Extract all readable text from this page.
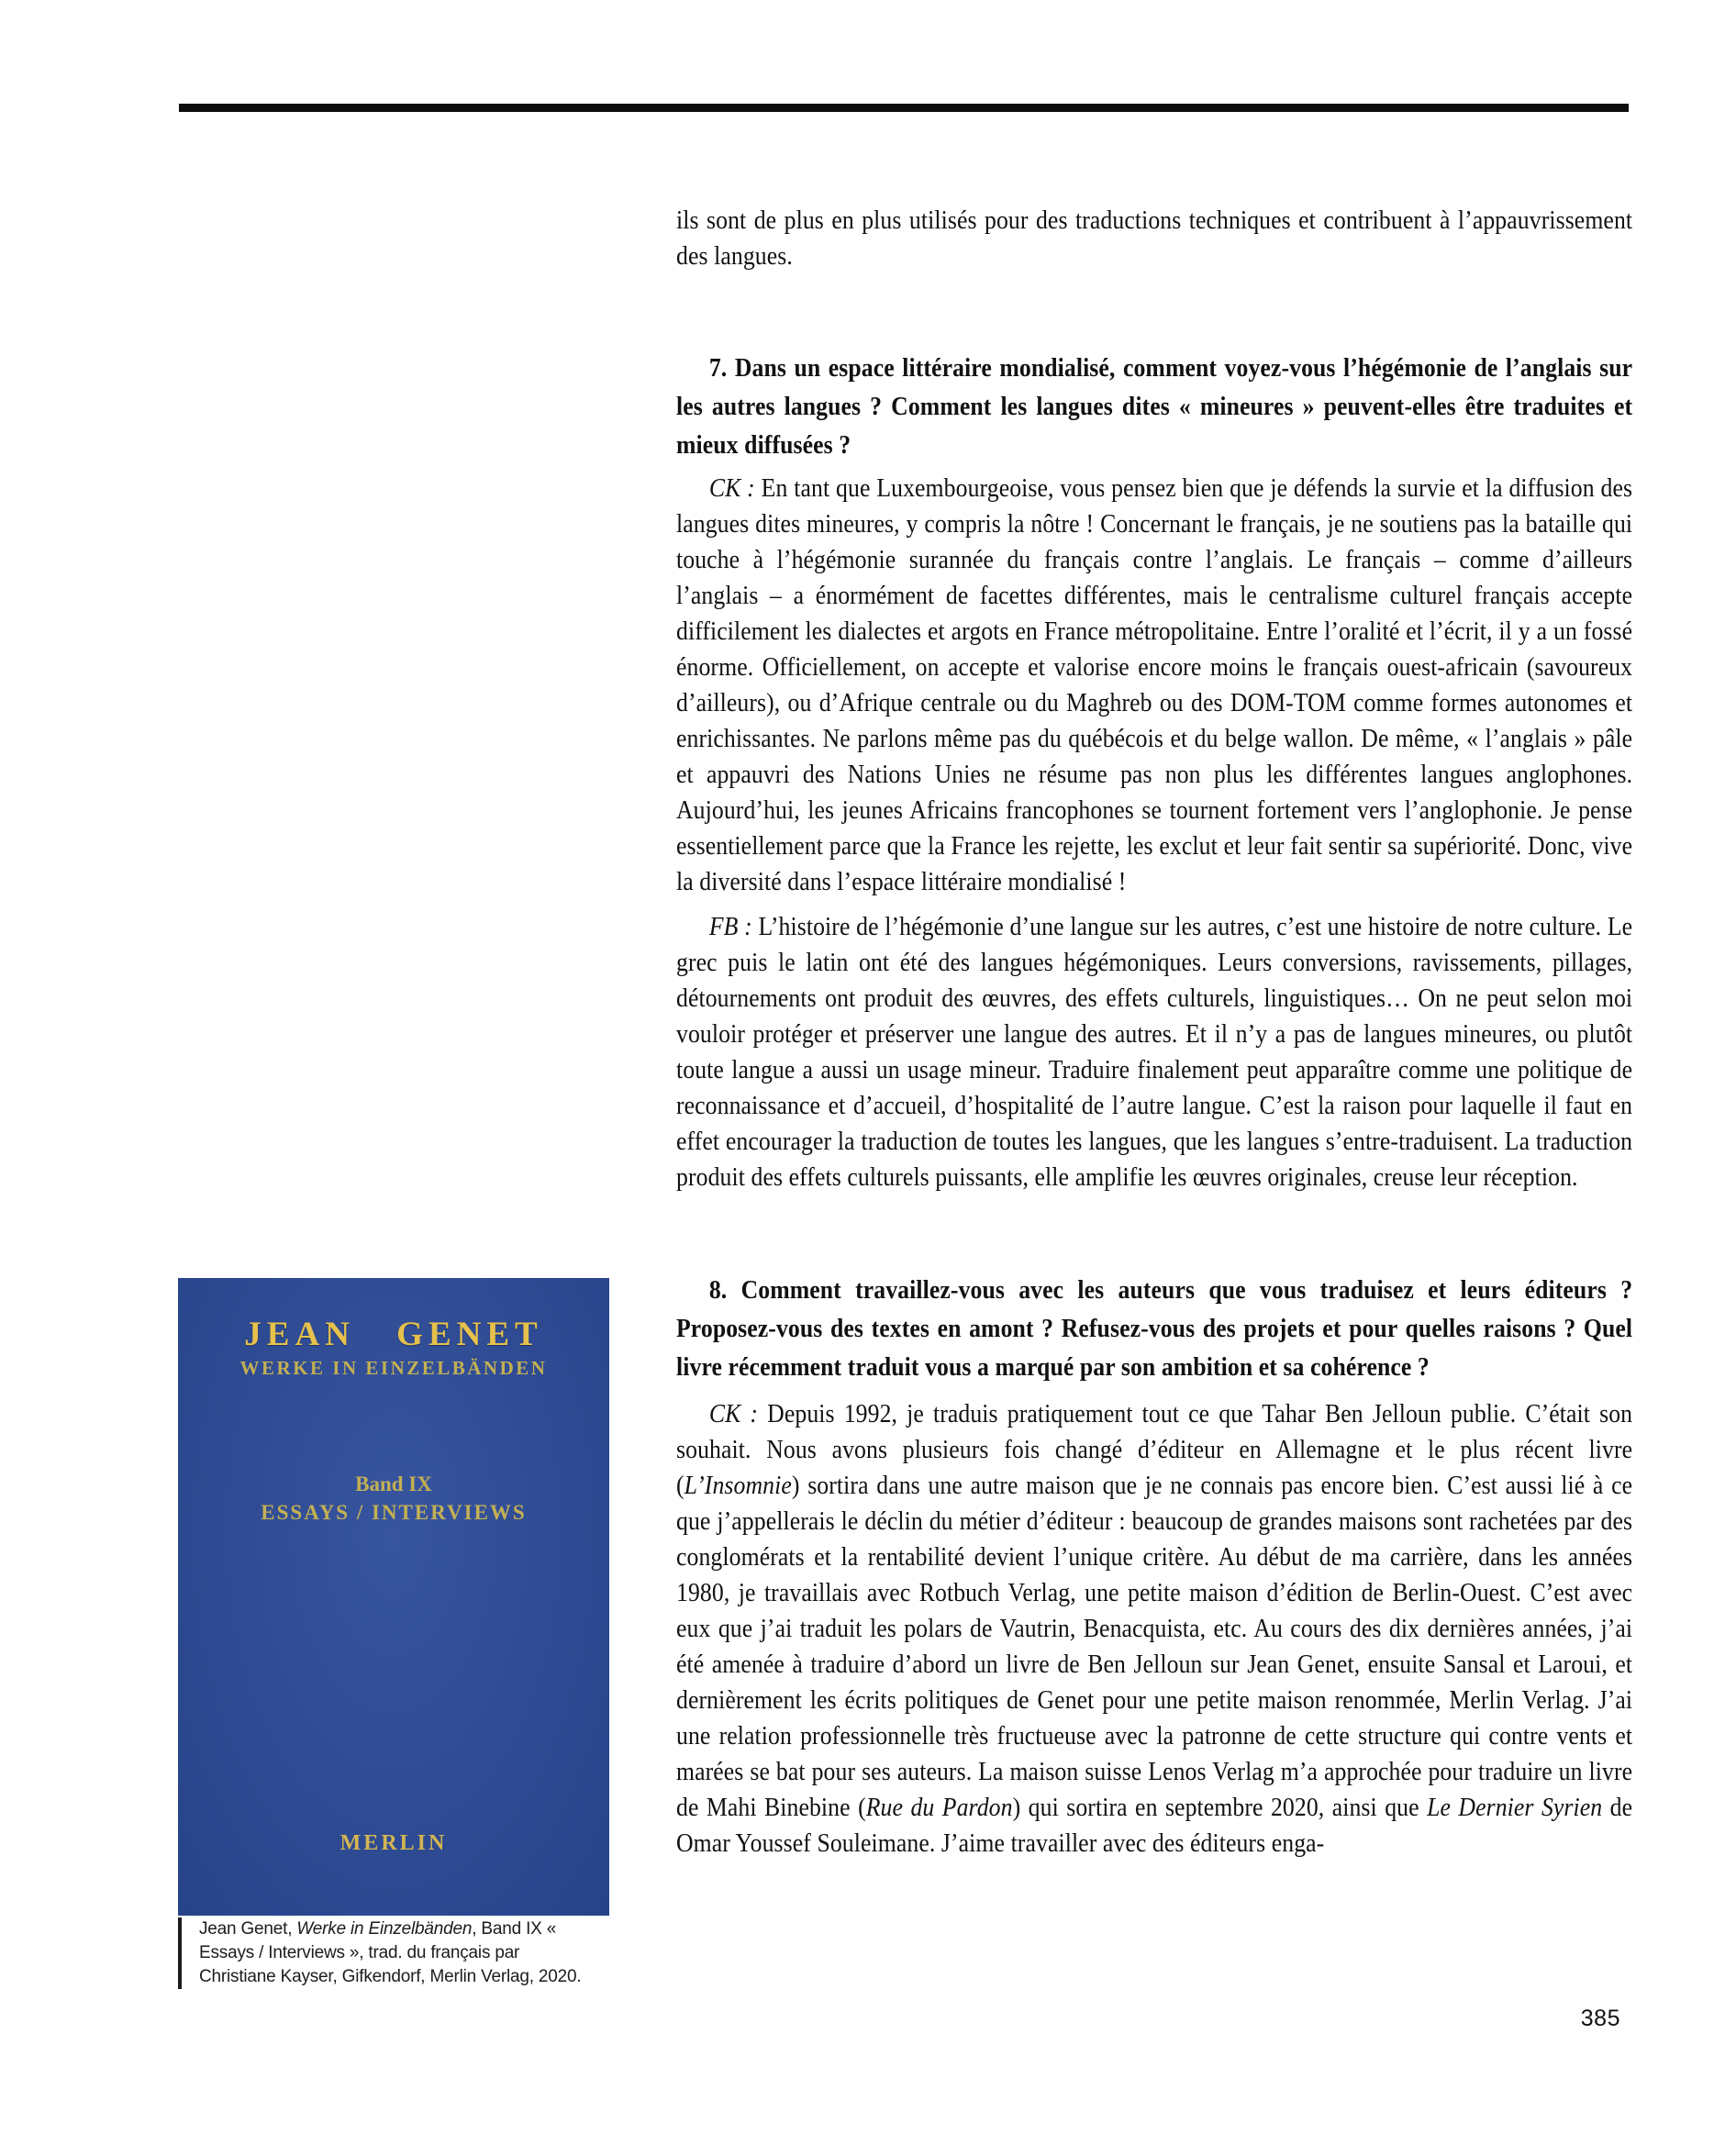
ils sont de plus en plus utilisés pour des traductions techniques et contribuent à l’appauvrissement des langues.

7. Dans un espace littéraire mondialisé, comment voyez-vous l’hégémonie de l’anglais sur les autres langues ? Comment les langues dites « mineures » peuvent-elles être traduites et mieux diffusées ?

CK : En tant que Luxembourgeoise, vous pensez bien que je défends la survie et la diffusion des langues dites mineures, y compris la nôtre ! Concernant le français, je ne soutiens pas la bataille qui touche à l’hégémonie surannée du français contre l’anglais. Le français – comme d’ailleurs l’anglais – a énormément de facettes différentes, mais le centralisme culturel français accepte difficilement les dialectes et argots en France métropolitaine. Entre l’oralité et l’écrit, il y a un fossé énorme. Officiellement, on accepte et valorise encore moins le français ouest-africain (savoureux d’ailleurs), ou d’Afrique centrale ou du Maghreb ou des DOM-TOM comme formes autonomes et enrichissantes. Ne parlons même pas du québécois et du belge wallon. De même, « l’anglais » pâle et appauvri des Nations Unies ne résume pas non plus les différentes langues anglophones. Aujourd’hui, les jeunes Africains francophones se tournent fortement vers l’anglophonie. Je pense essentiellement parce que la France les rejette, les exclut et leur fait sentir sa supériorité. Donc, vive la diversité dans l’espace littéraire mondialisé !

FB : L’histoire de l’hégémonie d’une langue sur les autres, c’est une histoire de notre culture. Le grec puis le latin ont été des langues hégémoniques. Leurs conversions, ravissements, pillages, détournements ont produit des œuvres, des effets culturels, linguistiques… On ne peut selon moi vouloir protéger et préserver une langue des autres. Et il n’y a pas de langues mineures, ou plutôt toute langue a aussi un usage mineur. Traduire finalement peut apparaître comme une politique de reconnaissance et d’accueil, d’hospitalité de l’autre langue. C’est la raison pour laquelle il faut en effet encourager la traduction de toutes les langues, que les langues s’entre-traduisent. La traduction produit des effets culturels puissants, elle amplifie les œuvres originales, creuse leur réception.

8. Comment travaillez-vous avec les auteurs que vous traduisez et leurs éditeurs ? Proposez-vous des textes en amont ? Refusez-vous des projets et pour quelles raisons ? Quel livre récemment traduit vous a marqué par son ambition et sa cohérence ?

CK : Depuis 1992, je traduis pratiquement tout ce que Tahar Ben Jelloun publie. C’était son souhait. Nous avons plusieurs fois changé d’éditeur en Allemagne et le plus récent livre (L’Insomnie) sortira dans une autre maison que je ne connais pas encore bien. C’est aussi lié à ce que j’appellerais le déclin du métier d’éditeur : beaucoup de grandes maisons sont rachetées par des conglomérats et la rentabilité devient l’unique critère. Au début de ma carrière, dans les années 1980, je travaillais avec Rotbuch Verlag, une petite maison d’édition de Berlin-Ouest. C’est avec eux que j’ai traduit les polars de Vautrin, Benacquista, etc. Au cours des dix dernières années, j’ai été amenée à traduire d’abord un livre de Ben Jelloun sur Jean Genet, ensuite Sansal et Laroui, et dernièrement les écrits politiques de Genet pour une petite maison renommée, Merlin Verlag. J’ai une relation professionnelle très fructueuse avec la patronne de cette structure qui contre vents et marées se bat pour ses auteurs. La maison suisse Lenos Verlag m’a approchée pour traduire un livre de Mahi Binebine (Rue du Pardon) qui sortira en septembre 2020, ainsi que Le Dernier Syrien de Omar Youssef Souleimane. J’aime travailler avec des éditeurs enga-

JEAN GENET
WERKE IN EINZELBÄNDEN
Band IX
ESSAYS / INTERVIEWS
MERLIN
Jean Genet, Werke in Einzelbänden, Band IX « Essays / Interviews », trad. du français par Christiane Kayser, Gifkendorf, Merlin Verlag, 2020.
385
